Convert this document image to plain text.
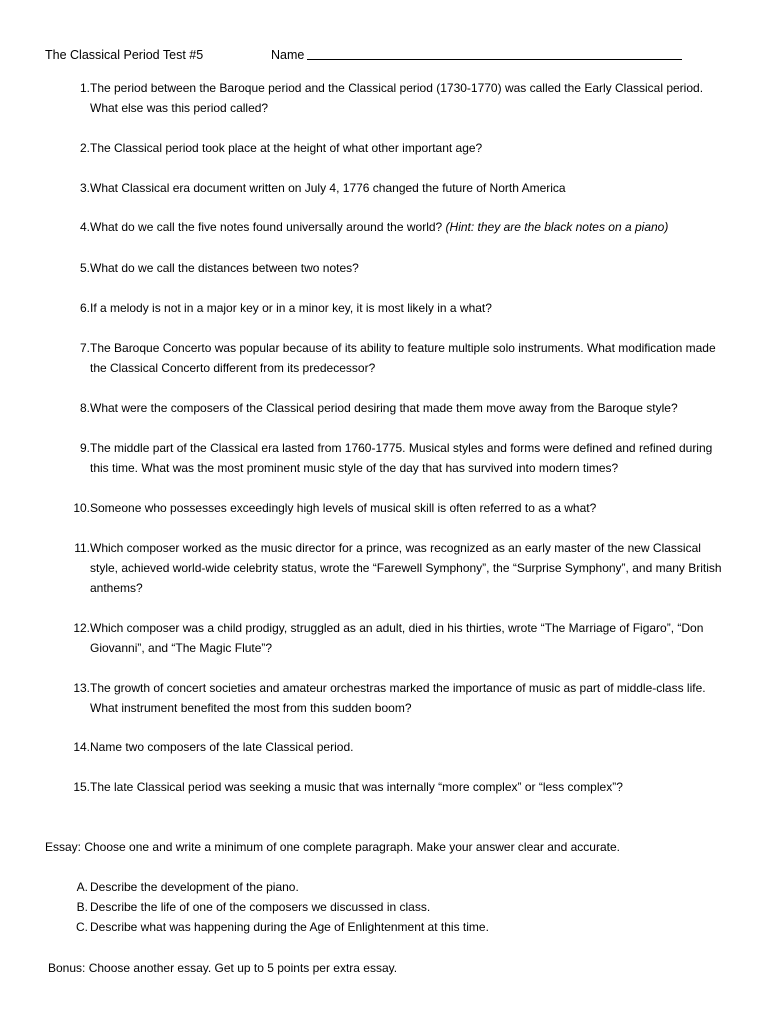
The Classical Period Test #5	Name
1. The period between the Baroque period and the Classical period (1730-1770) was called the Early Classical period. What else was this period called?
2. The Classical period took place at the height of what other important age?
3. What Classical era document written on July 4, 1776 changed the future of North America
4. What do we call the five notes found universally around the world? (Hint: they are the black notes on a piano)
5. What do we call the distances between two notes?
6. If a melody is not in a major key or in a minor key, it is most likely in a what?
7. The Baroque Concerto was popular because of its ability to feature multiple solo instruments. What modification made the Classical Concerto different from its predecessor?
8. What were the composers of the Classical period desiring that made them move away from the Baroque style?
9. The middle part of the Classical era lasted from 1760-1775. Musical styles and forms were defined and refined during this time. What was the most prominent music style of the day that has survived into modern times?
10. Someone who possesses exceedingly high levels of musical skill is often referred to as a what?
11. Which composer worked as the music director for a prince, was recognized as an early master of the new Classical style, achieved world-wide celebrity status, wrote the “Farewell Symphony”, the “Surprise Symphony”, and many British anthems?
12. Which composer was a child prodigy, struggled as an adult, died in his thirties, wrote “The Marriage of Figaro”, “Don Giovanni”, and “The Magic Flute”?
13. The growth of concert societies and amateur orchestras marked the importance of music as part of middle-class life. What instrument benefited the most from this sudden boom?
14. Name two composers of the late Classical period.
15. The late Classical period was seeking a music that was internally “more complex” or “less complex”?
Essay: Choose one and write a minimum of one complete paragraph. Make your answer clear and accurate.
A. Describe the development of the piano.
B. Describe the life of one of the composers we discussed in class.
C. Describe what was happening during the Age of Enlightenment at this time.
Bonus: Choose another essay. Get up to 5 points per extra essay.
